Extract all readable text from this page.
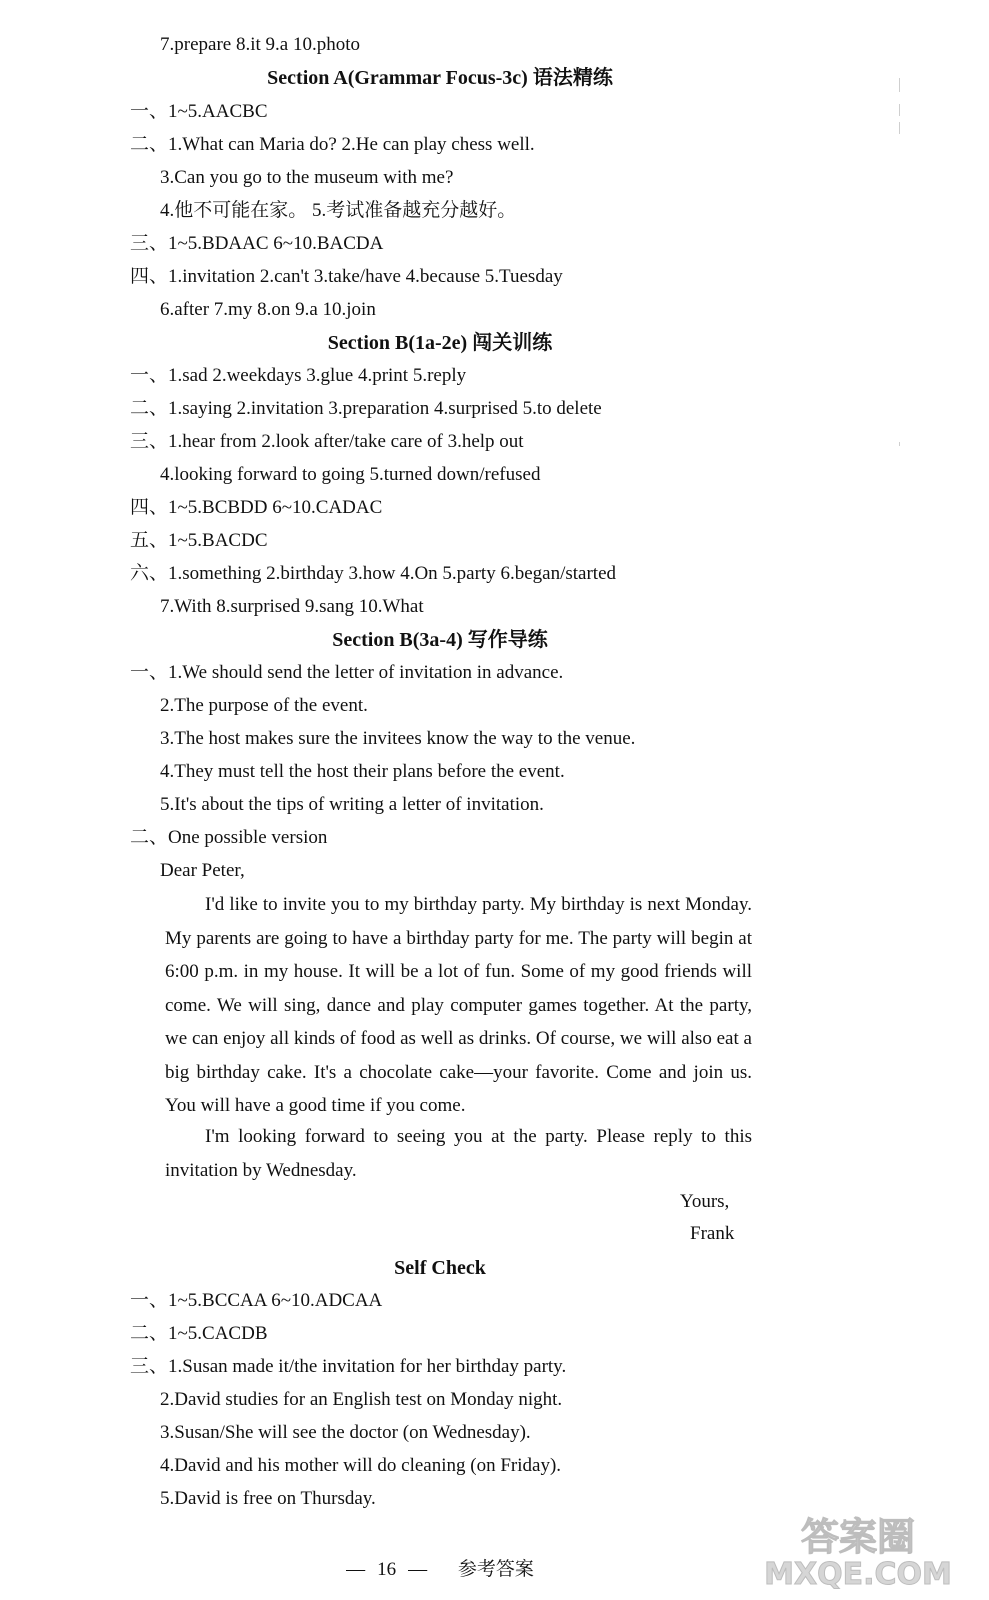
7.prepare 8.it 9.a 10.photo
Section A(Grammar Focus-3c) 语法精练
一、1~5.AACBC
二、1.What can Maria do? 2.He can play chess well.
3.Can you go to the museum with me?
4.他不可能在家。 5.考试准备越充分越好。
三、1~5.BDAAC 6~10.BACDA
四、1.invitation 2.can't 3.take/have 4.because 5.Tuesday
6.after 7.my 8.on 9.a 10.join
Section B(1a-2e) 闯关训练
一、1.sad 2.weekdays 3.glue 4.print 5.reply
二、1.saying 2.invitation 3.preparation 4.surprised 5.to delete
三、1.hear from 2.look after/take care of 3.help out
4.looking forward to going 5.turned down/refused
四、1~5.BCBDD 6~10.CADAC
五、1~5.BACDC
六、1.something 2.birthday 3.how 4.On 5.party 6.began/started
7.With 8.surprised 9.sang 10.What
Section B(3a-4) 写作导练
一、1.We should send the letter of invitation in advance.
2.The purpose of the event.
3.The host makes sure the invitees know the way to the venue.
4.They must tell the host their plans before the event.
5.It's about the tips of writing a letter of invitation.
二、One possible version
Dear Peter,
I'd like to invite you to my birthday party. My birthday is next Monday. My parents are going to have a birthday party for me. The party will begin at 6:00 p.m. in my house. It will be a lot of fun. Some of my good friends will come. We will sing, dance and play computer games together. At the party, we can enjoy all kinds of food as well as drinks. Of course, we will also eat a big birthday cake. It's a chocolate cake—your favorite. Come and join us. You will have a good time if you come.
I'm looking forward to seeing you at the party. Please reply to this invitation by Wednesday.
Yours,
Frank
Self Check
一、1~5.BCCAA 6~10.ADCAA
二、1~5.CACDB
三、1.Susan made it/the invitation for her birthday party.
2.David studies for an English test on Monday night.
3.Susan/She will see the doctor (on Wednesday).
4.David and his mother will do cleaning (on Friday).
5.David is free on Thursday.
— 16 — 参考答案
答案圈
MXQE.COM
